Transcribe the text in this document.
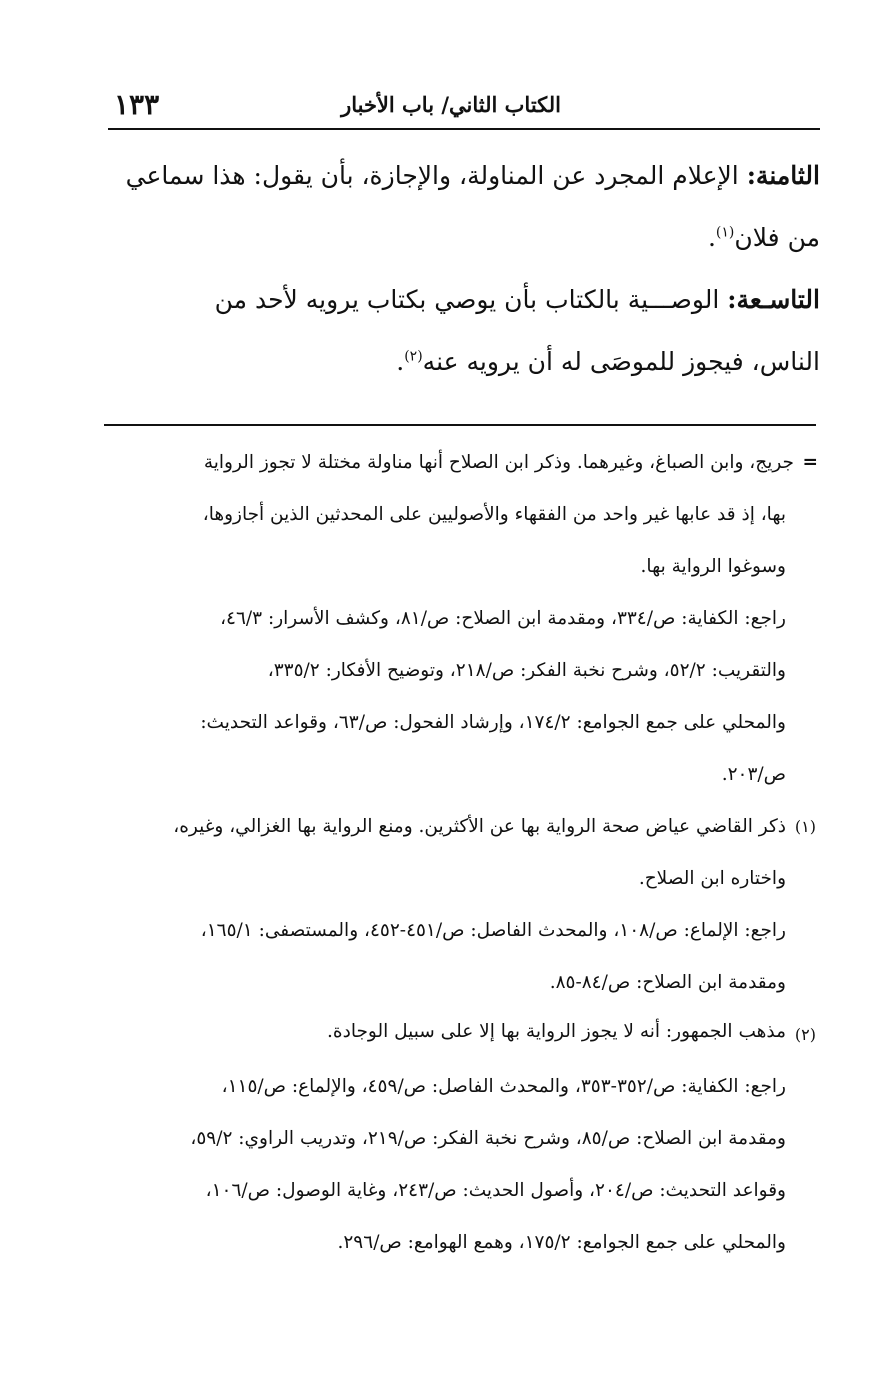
الكتاب الثاني/ باب الأخبار
١٣٣
الثامنة: الإعلام المجرد عن المناولة، والإجازة، بأن يقول: هذا سماعي
من فلان$^{(١)}$.
التاسـعة: الوصـــية بالكتاب بأن يوصي بكتاب يرويه لأحد من
الناس، فيجوز للموصَى له أن يرويه عنه$^{(٢)}$.
=
جريج، وابن الصباغ، وغيرهما. وذكر ابن الصلاح أنها مناولة مختلة لا تجوز الرواية
بها، إذ قد عابها غير واحد من الفقهاء والأصوليين على المحدثين الذين أجازوها،
وسوغوا الرواية بها.
راجع: الكفاية: ص/٣٣٤، ومقدمة ابن الصلاح: ص/٨١، وكشف الأسرار: ٤٦/٣،
والتقريب: ٥٢/٢، وشرح نخبة الفكر: ص/٢١٨، وتوضيح الأفكار: ٣٣٥/٢،
والمحلي على جمع الجوامع: ١٧٤/٢، وإرشاد الفحول: ص/٦٣، وقواعد التحديث:
ص/٢٠٣.
(١)
ذكر القاضي عياض صحة الرواية بها عن الأكثرين. ومنع الرواية بها الغزالي، وغيره،
واختاره ابن الصلاح.
راجع: الإلماع: ص/١٠٨، والمحدث الفاصل: ص/٤٥١-٤٥٢، والمستصفى: ١٦٥/١،
ومقدمة ابن الصلاح: ص/٨٤-٨٥.
(٢)
مذهب الجمهور: أنه لا يجوز الرواية بها إلا على سبيل الوجادة.
راجع: الكفاية: ص/٣٥٢-٣٥٣، والمحدث الفاصل: ص/٤٥٩، والإلماع: ص/١١٥،
ومقدمة ابن الصلاح: ص/٨٥، وشرح نخبة الفكر: ص/٢١٩، وتدريب الراوي: ٥٩/٢،
وقواعد التحديث: ص/٢٠٤، وأصول الحديث: ص/٢٤٣، وغاية الوصول: ص/١٠٦،
والمحلي على جمع الجوامع: ١٧٥/٢، وهمع الهوامع: ص/٢٩٦.
